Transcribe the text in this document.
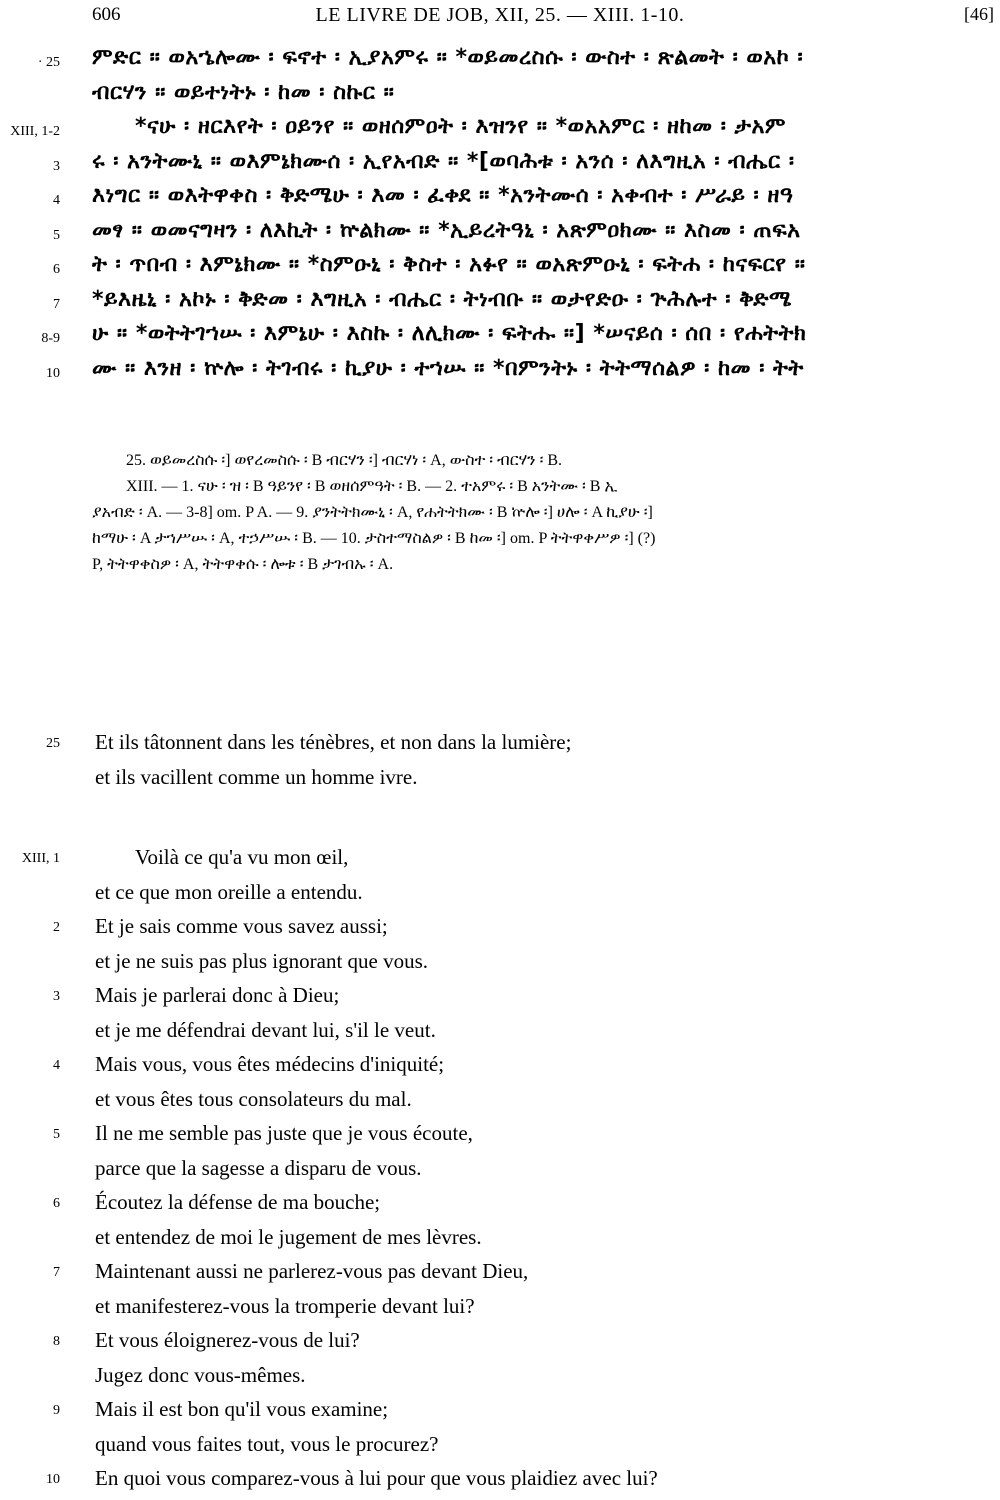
606	LE LIVRE DE JOB, XII, 25. — XIII. 1-10.	[46]
· 25 ምድር ። ወአኄሎሙ ፡ ፍኖተ ፡ ኢያአምሩ ። *ወይመረስሱ ፡ ውስተ ፡ ጽልመት ፡ ወአኮ ፡
ብርሃን ። ወይተነትኑ ፡ ከመ ፡ ስኩር ።
XIII, 1-2	*ናሁ ፡ ዘርእየት ፡ ዐይንየ ። ወዘሰምዐት ፡ እዝንየ ። *ወአአምር ፡ ዘከመ ፡ ታአም
3 ሩ ፡ አንትሙኒ ። ወእምኔክሙሰ ፡ ኢየአብድ ። *[ወባሕቱ ፡ አንሰ ፡ ለእግዚአ ፡ ብሔር ፡
4 እነግር ። ወእትዋቀስ ፡ ቅድሜሁ ፡ እመ ፡ ፈቀደ ። *አንትሙሰ ፡ አቀብተ ፡ ሥራይ ፡ ዘዓ
5 መፃ ። ወመናግዛን ፡ ለእኪት ፡ ኵልክሙ ። *ኢይረትዓኒ ፡ አጽምዐክሙ ። እስመ ፡ ጠፍአ
6 ት ፡ ጥበብ ፡ እምኔክሙ ። *ስምዑኒ ፡ ቅስተ ፡ አፉየ ። ወአጽምዑኒ ፡ ፍትሐ ፡ ከናፍርየ ።
7 *ይእዜኒ ፡ አኮኑ ፡ ቅድመ ፡ እግዚአ ፡ ብሔር ፡ ትነብቡ ። ወታየድዑ ፡ ጕሕሉተ ፡ ቅድሜ
8-9 ሁ ። *ወትትገኀሡ ፡ እምኔሁ ፡ እስኩ ፡ ለሊክሙ ፡ ፍትሑ ።] *ሠናይሰ ፡ ሰበ ፡ የሐትትክ
10 ሙ ። እንዘ ፡ ኵሎ ፡ ትገብሩ ፡ ኪያሁ ፡ ተኀሡ ። *በምንትኑ ፡ ትትማሰልዎ ፡ ከመ ፡ ትት
25. ወይመረስሱ ፡] ወየረመስሱ ፡ B ብርሃን ፡] ብርሃነ ፡ A, ውስተ ፡ ብርሃን ፡ B.
XIII. — 1. ናሁ ፡ ዝ ፡ B ዓይንየ ፡ B ወዘሰምዓት ፡ B. — 2. ተአምሩ ፡ B አንትሙ ፡ B ኢ
ያአብድ ፡ A. — 3-8] om. P A. — 9. ያንትትክሙኒ ፡ A, የሐትትክሙ ፡ B ኵሎ ፡] ሀሎ ፡ A ኪያሁ ፡]
ከማሁ ፡ A ታኀሥሡ ፡ A, ተኃሥሡ ፡ B. — 10. ታስተማስልዎ ፡ B ከመ ፡] om. P ትትዋቀሥዎ ፡] (?)
P, ትትዋቀስዎ ፡ A, ትትዋቀሱ ፡ ሎቱ ፡ B ታገብኡ ፡ A.
25 Et ils tâtonnent dans les ténèbres, et non dans la lumière;
et ils vacillent comme un homme ivre.
XIII, 1	Voilà ce qu'a vu mon œil,
et ce que mon oreille a entendu.
2 Et je sais comme vous savez aussi;
et je ne suis pas plus ignorant que vous.
3 Mais je parlerai donc à Dieu;
et je me défendrai devant lui, s'il le veut.
4 Mais vous, vous êtes médecins d'iniquité;
et vous êtes tous consolateurs du mal.
5 Il ne me semble pas juste que je vous écoute,
parce que la sagesse a disparu de vous.
6 Écoutez la défense de ma bouche;
et entendez de moi le jugement de mes lèvres.
7 Maintenant aussi ne parlerez-vous pas devant Dieu,
et manifesterez-vous la tromperie devant lui?
8 Et vous éloignerez-vous de lui?
Jugez donc vous-mêmes.
9 Mais il est bon qu'il vous examine;
quand vous faites tout, vous le procurez?
10 En quoi vous comparez-vous à lui pour que vous plaidiez avec lui?
